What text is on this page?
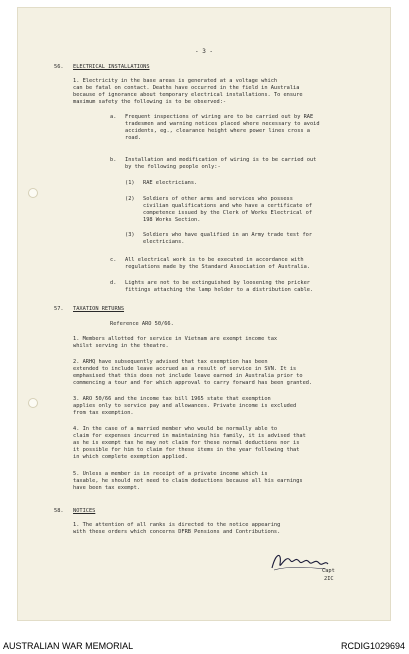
- 3 -
56. ELECTRICAL INSTALLATIONS
1. Electricity in the base areas is generated at a voltage which
can be fatal on contact. Deaths have occurred in the field in Australia
because of ignorance about temporary electrical installations. To ensure
maximum safety the following is to be observed:-
a. Frequent inspections of wiring are to be carried out by RAE
tradesmen and warning notices placed where necessary to avoid
accidents, eg., clearance height where power lines cross a
road.
b. Installation and modification of wiring is to be carried out
by the following people only:-
(1) RAE electricians.
(2) Soldiers of other arms and services who possess
civilian qualifications and who have a certificate of
competence issued by the Clerk of Works Electrical of
198 Works Section.
(3) Soldiers who have qualified in an Army trade test for
electricians.
c. All electrical work is to be executed in accordance with
regulations made by the Standard Association of Australia.
d. Lights are not to be extinguished by loosening the pricker
fittings attaching the lamp holder to a distribution cable.
57. TAXATION RETURNS
Reference ARO 50/66.
1. Members allotted for service in Vietnam are exempt income tax
whilst serving in the theatre.
2. ARHQ have subsequently advised that tax exemption has been
extended to include leave accrued as a result of service in SVN. It is
emphasised that this does not include leave earned in Australia prior to
commencing a tour and for which approval to carry forward has been granted.
3. ARO 50/66 and the income tax bill 1965 state that exemption
applies only to service pay and allowances. Private income is excluded
from tax exemption.
4. In the case of a married member who would be normally able to
claim for expenses incurred in maintaining his family, it is advised that
as he is exempt tax he may not claim for these normal deductions nor is
it possible for him to claim for these items in the year following that
in which complete exemption applied.
5. Unless a member is in receipt of a private income which is
taxable, he should not need to claim deductions because all his earnings
have been tax exempt.
58. NOTICES
1. The attention of all ranks is directed to the notice appearing
with these orders which concerns DFRB Pensions and Contributions.
Capt
2IC
AUSTRALIAN WAR MEMORIAL	RCDIG1029694
